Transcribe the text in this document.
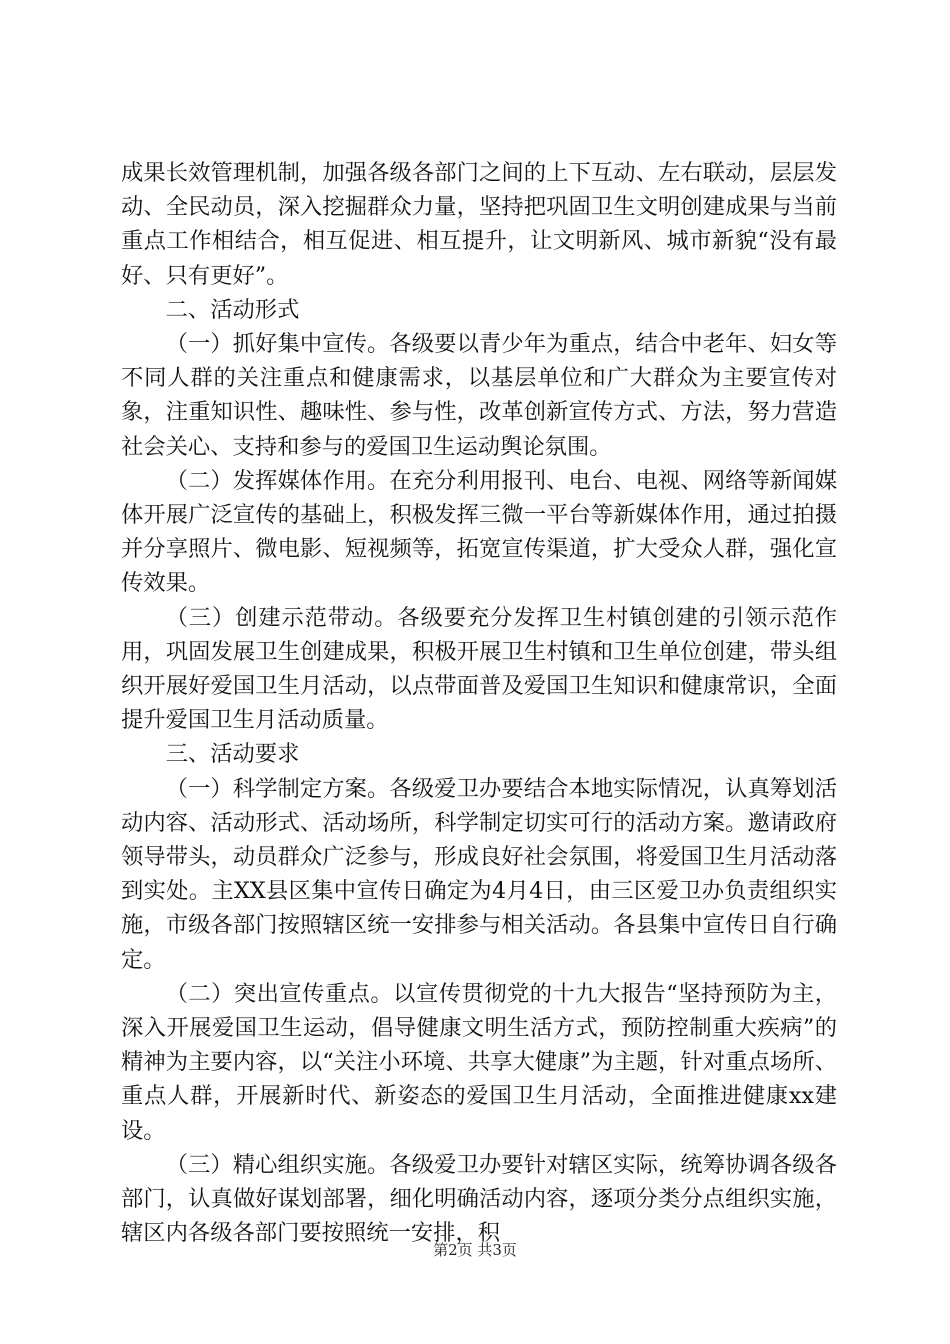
成果长效管理机制，加强各级各部门之间的上下互动、左右联动，层层发动、全民动员，深入挖掘群众力量，坚持把巩固卫生文明创建成果与当前重点工作相结合，相互促进、相互提升，让文明新风、城市新貌“没有最好、只有更好”。

二、活动形式

（一）抓好集中宣传。各级要以青少年为重点，结合中老年、妇女等不同人群的关注重点和健康需求，以基层单位和广大群众为主要宣传对象，注重知识性、趣味性、参与性，改革创新宣传方式、方法，努力营造社会关心、支持和参与的爱国卫生运动舆论氛围。

（二）发挥媒体作用。在充分利用报刊、电台、电视、网络等新闻媒体开展广泛宣传的基础上，积极发挥三微一平台等新媒体作用，通过拍摄并分享照片、微电影、短视频等，拓宽宣传渠道，扩大受众人群，强化宣传效果。

（三）创建示范带动。各级要充分发挥卫生村镇创建的引领示范作用，巩固发展卫生创建成果，积极开展卫生村镇和卫生单位创建，带头组织开展好爱国卫生月活动，以点带面普及爱国卫生知识和健康常识，全面提升爱国卫生月活动质量。

三、活动要求

（一）科学制定方案。各级爱卫办要结合本地实际情况，认真筹划活动内容、活动形式、活动场所，科学制定切实可行的活动方案。邀请政府领导带头，动员群众广泛参与，形成良好社会氛围，将爱国卫生月活动落到实处。主XX县区集中宣传日确定为4月4日，由三区爱卫办负责组织实施，市级各部门按照辖区统一安排参与相关活动。各县集中宣传日自行确定。

（二）突出宣传重点。以宣传贯彻党的十九大报告“坚持预防为主，深入开展爱国卫生运动，倡导健康文明生活方式，预防控制重大疾病”的精神为主要内容，以“关注小环境、共享大健康”为主题，针对重点场所、重点人群，开展新时代、新姿态的爱国卫生月活动，全面推进健康xx建设。

（三）精心组织实施。各级爱卫办要针对辖区实际，统筹协调各级各部门，认真做好谋划部署，细化明确活动内容，逐项分类分点组织实施，辖区内各级各部门要按照统一安排，积

第2页 共3页
